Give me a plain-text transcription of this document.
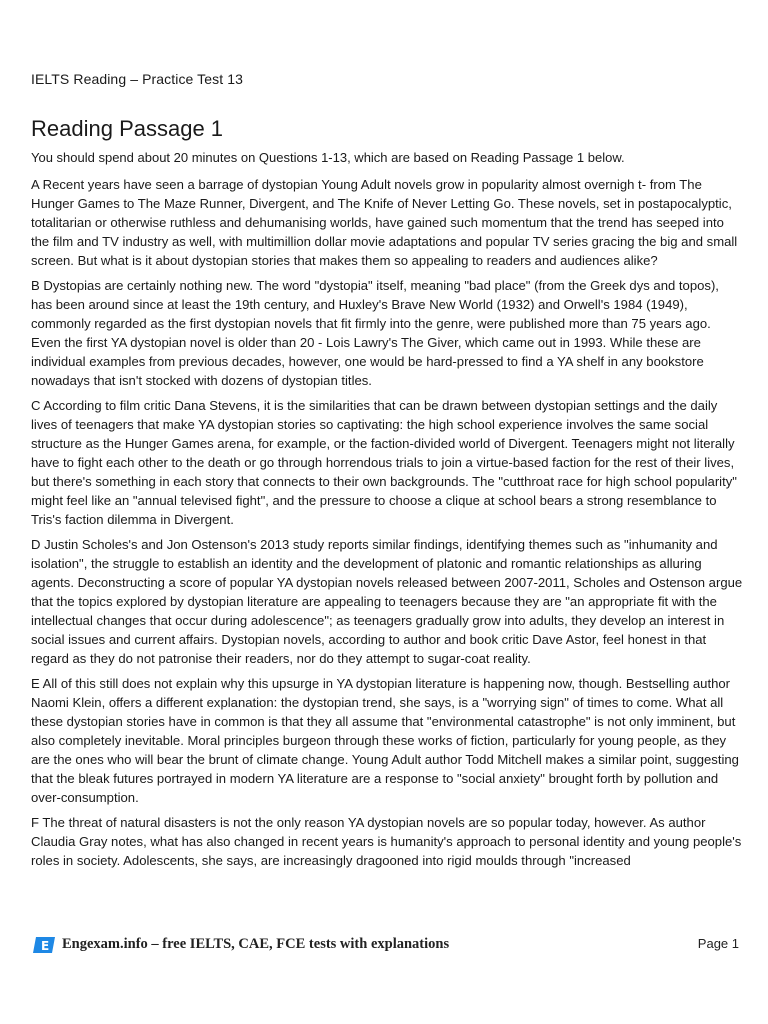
IELTS Reading – Practice Test 13
Reading Passage 1
You should spend about 20 minutes on Questions 1-13, which are based on Reading Passage 1 below.

A Recent years have seen a barrage of dystopian Young Adult novels grow in popularity almost overnigh t- from The Hunger Games to The Maze Runner, Divergent, and The Knife of Never Letting Go. These novels, set in postapocalyptic, totalitarian or otherwise ruthless and dehumanising worlds, have gained such momentum that the trend has seeped into the film and TV industry as well, with multimillion dollar movie adaptations and popular TV series gracing the big and small screen. But what is it about dystopian stories that makes them so appealing to readers and audiences alike?

B Dystopias are certainly nothing new. The word "dystopia" itself, meaning "bad place" (from the Greek dys and topos), has been around since at least the 19th century, and Huxley's Brave New World (1932) and Orwell's 1984 (1949), commonly regarded as the first dystopian novels that fit firmly into the genre, were published more than 75 years ago. Even the first YA dystopian novel is older than 20 - Lois Lawry's The Giver, which came out in 1993. While these are individual examples from previous decades, however, one would be hard-pressed to find a YA shelf in any bookstore nowadays that isn't stocked with dozens of dystopian titles.

C According to film critic Dana Stevens, it is the similarities that can be drawn between dystopian settings and the daily lives of teenagers that make YA dystopian stories so captivating: the high school experience involves the same social structure as the Hunger Games arena, for example, or the faction-divided world of Divergent. Teenagers might not literally have to fight each other to the death or go through horrendous trials to join a virtue-based faction for the rest of their lives, but there's something in each story that connects to their own backgrounds. The "cutthroat race for high school popularity" might feel like an "annual televised fight", and the pressure to choose a clique at school bears a strong resemblance to Tris's faction dilemma in Divergent.

D Justin Scholes's and Jon Ostenson's 2013 study reports similar findings, identifying themes such as "inhumanity and isolation", the struggle to establish an identity and the development of platonic and romantic relationships as alluring agents. Deconstructing a score of popular YA dystopian novels released between 2007-2011, Scholes and Ostenson argue that the topics explored by dystopian literature are appealing to teenagers because they are "an appropriate fit with the intellectual changes that occur during adolescence"; as teenagers gradually grow into adults, they develop an interest in social issues and current affairs. Dystopian novels, according to author and book critic Dave Astor, feel honest in that regard as they do not patronise their readers, nor do they attempt to sugar-coat reality.

E All of this still does not explain why this upsurge in YA dystopian literature is happening now, though. Bestselling author Naomi Klein, offers a different explanation: the dystopian trend, she says, is a "worrying sign" of times to come. What all these dystopian stories have in common is that they all assume that "environmental catastrophe" is not only imminent, but also completely inevitable. Moral principles burgeon through these works of fiction, particularly for young people, as they are the ones who will bear the brunt of climate change. Young Adult author Todd Mitchell makes a similar point, suggesting that the bleak futures portrayed in modern YA literature are a response to "social anxiety" brought forth by pollution and over-consumption.

F The threat of natural disasters is not the only reason YA dystopian novels are so popular today, however. As author Claudia Gray notes, what has also changed in recent years is humanity's approach to personal identity and young people's roles in society. Adolescents, she says, are increasingly dragooned into rigid moulds through "increased

E Engexam.info – free IELTS, CAE, FCE tests with explanations	Page 1
